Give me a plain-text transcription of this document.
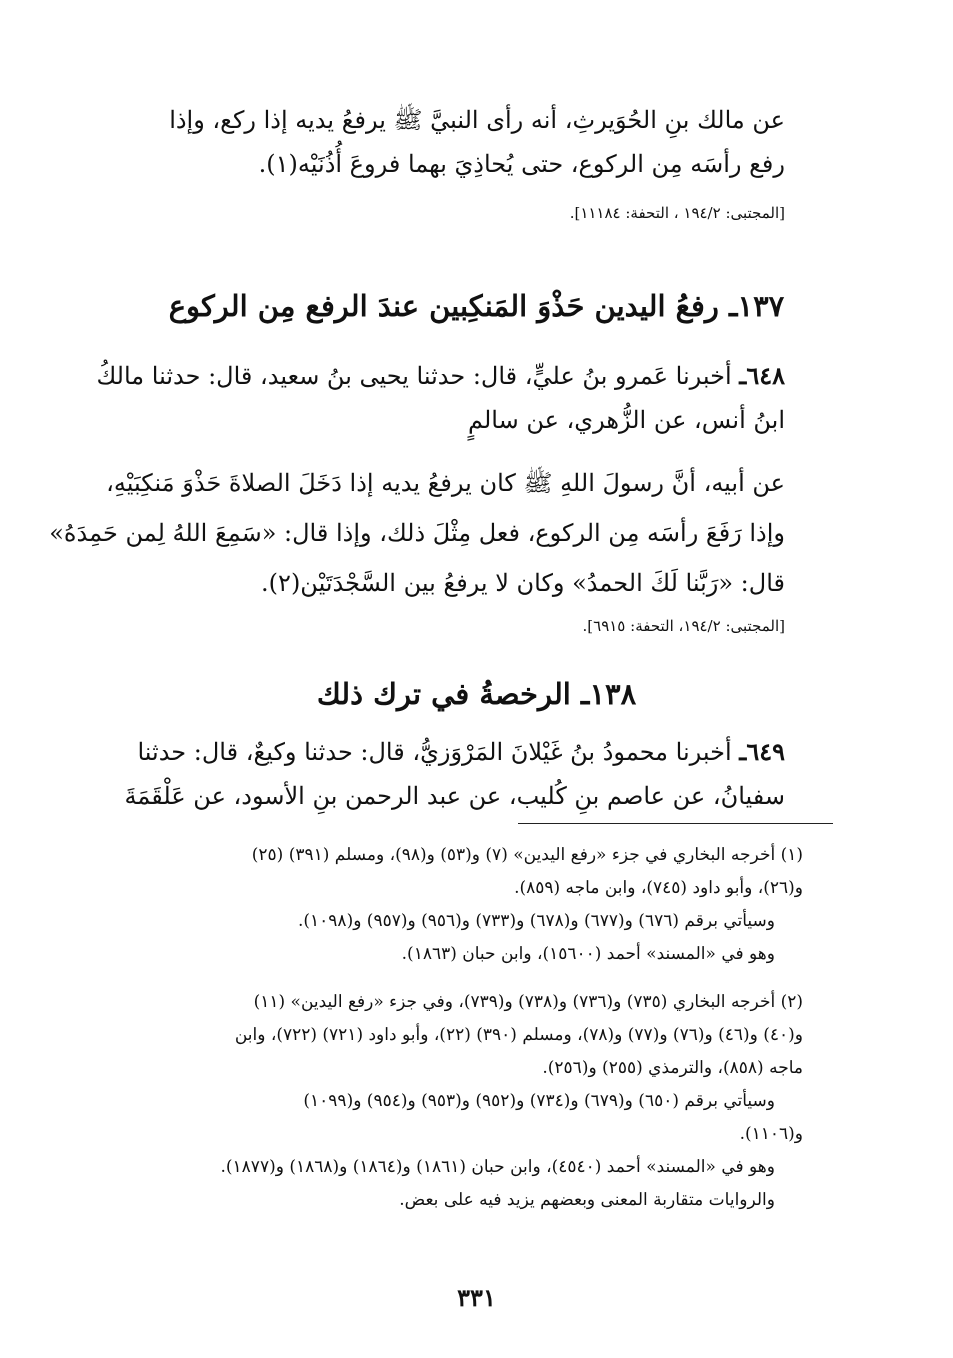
عن مالك بنِ الحُوَيرثِ، أنه رأى النبيَّ ﷺ يرفعُ يديه إذا ركع، وإذا
رفع رأسَه مِن الركوع، حتى يُحاذِيَ بهما فروعَ أُذُنَيْه(١).
[المجتبى: ١٩٤/٢ ، التحفة: ١١١٨٤].
١٣٧ـ رفعُ اليدين حَذْوَ المَنكِبين عندَ الرفع مِن الركوع
٦٤٨ـ أخبرنا عَمرو بنُ عليٍّ، قال: حدثنا يحيى بنُ سعيد، قال: حدثنا مالكُ
ابنُ أنس، عن الزُّهري، عن سالمٍ
عن أبيه، أنَّ رسولَ اللهِ ﷺ كان يرفعُ يديه إذا دَخَلَ الصلاةَ حَذْوَ مَنكِبَيْهِ،
وإذا رَفَعَ رأسَه مِن الركوع، فعل مِثْلَ ذلك، وإذا قال: «سَمِعَ اللهُ لِمن حَمِدَهُ»
قال: «رَبَّنا لَكَ الحمدُ» وكان لا يرفعُ بين السَّجْدَتَيْن(٢).
[المجتبى: ١٩٤/٢، التحفة: ٦٩١٥].
١٣٨ـ الرخصةُ في ترك ذلك
٦٤٩ـ أخبرنا محمودُ بنُ غَيْلانَ المَرْوَزيُّ، قال: حدثنا وكيعٌ، قال: حدثنا
سفيانُ، عن عاصم بنِ كُليب، عن عبد الرحمن بنِ الأسود، عن عَلْقَمَةَ
(١) أخرجه البخاري في جزء «رفع اليدين» (٧) و(٥٣) و(٩٨)، ومسلم (٣٩١) (٢٥)
و(٢٦)، وأبو داود (٧٤٥)، وابن ماجه (٨٥٩).
وسيأتي برقم (٦٧٦) و(٦٧٧) و(٦٧٨) و(٧٣٣) و(٩٥٦) و(٩٥٧) و(١٠٩٨).
وهو في «المسند» أحمد (١٥٦٠٠)، وابن حبان (١٨٦٣).
(٢) أخرجه البخاري (٧٣٥) و(٧٣٦) و(٧٣٨) و(٧٣٩)، وفي جزء «رفع اليدين» (١١)
و(٤٠) و(٤٦) و(٧٦) و(٧٧) و(٧٨)، ومسلم (٣٩٠) (٢٢)، وأبو داود (٧٢١) (٧٢٢)، وابن
ماجه (٨٥٨)، والترمذي (٢٥٥) و(٢٥٦).
وسيأتي برقم (٦٥٠) و(٦٧٩) و(٧٣٤) و(٩٥٢) و(٩٥٣) و(٩٥٤) و(١٠٩٩)
و(١١٠٦).
وهو في «المسند» أحمد (٤٥٤٠)، وابن حبان (١٨٦١) و(١٨٦٤) و(١٨٦٨) و(١٨٧٧).
والروايات متقاربة المعنى وبعضهم يزيد فيه على بعض.
٣٣١
